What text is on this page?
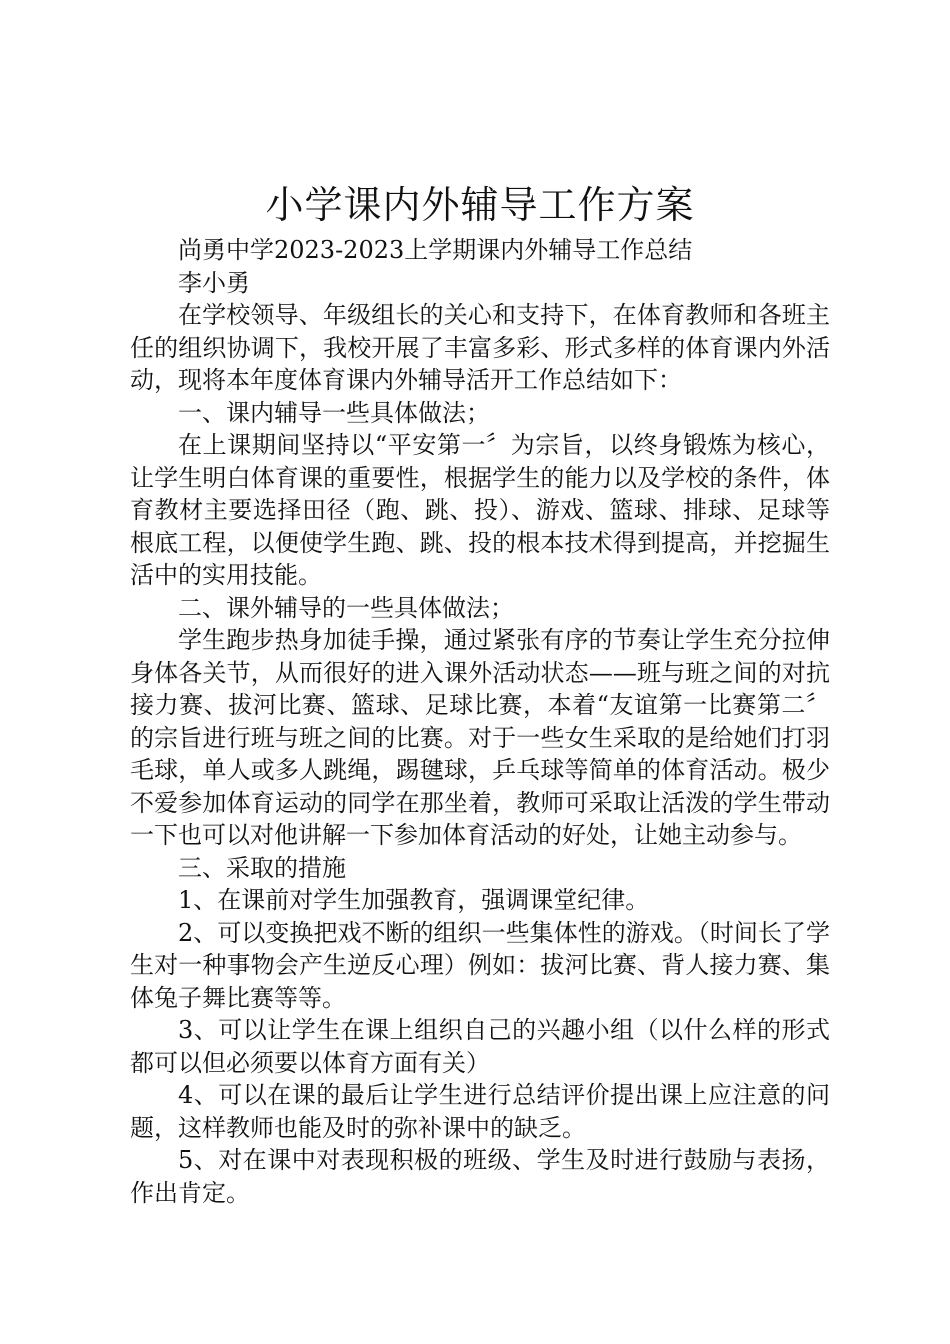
小学课内外辅导工作方案

尚勇中学2023-2023上学期课内外辅导工作总结

李小勇

在学校领导、年级组长的关心和支持下，在体育教师和各班主任的组织协调下，我校开展了丰富多彩、形式多样的体育课内外活动，现将本年度体育课内外辅导活开工作总结如下：

一、课内辅导一些具体做法；

在上课期间坚持以“平安第一〞为宗旨，以终身锻炼为核心，让学生明白体育课的重要性，根据学生的能力以及学校的条件，体育教材主要选择田径（跑、跳、投）、游戏、篮球、排球、足球等根底工程，以便使学生跑、跳、投的根本技术得到提高，并挖掘生活中的实用技能。

二、课外辅导的一些具体做法；

学生跑步热身加徒手操，通过紧张有序的节奏让学生充分拉伸身体各关节，从而很好的进入课外活动状态——班与班之间的对抗接力赛、拔河比赛、篮球、足球比赛，本着“友谊第一比赛第二〞的宗旨进行班与班之间的比赛。对于一些女生采取的是给她们打羽毛球，单人或多人跳绳，踢毽球，乒乓球等简单的体育活动。极少不爱参加体育运动的同学在那坐着，教师可采取让活泼的学生带动一下也可以对他讲解一下参加体育活动的好处，让她主动参与。

三、采取的措施

1、在课前对学生加强教育，强调课堂纪律。

2、可以变换把戏不断的组织一些集体性的游戏。（时间长了学生对一种事物会产生逆反心理）例如：拔河比赛、背人接力赛、集体兔子舞比赛等等。

3、可以让学生在课上组织自己的兴趣小组（以什么样的形式都可以但必须要以体育方面有关）

4、可以在课的最后让学生进行总结评价提出课上应注意的问题，这样教师也能及时的弥补课中的缺乏。

5、对在课中对表现积极的班级、学生及时进行鼓励与表扬，作出肯定。
